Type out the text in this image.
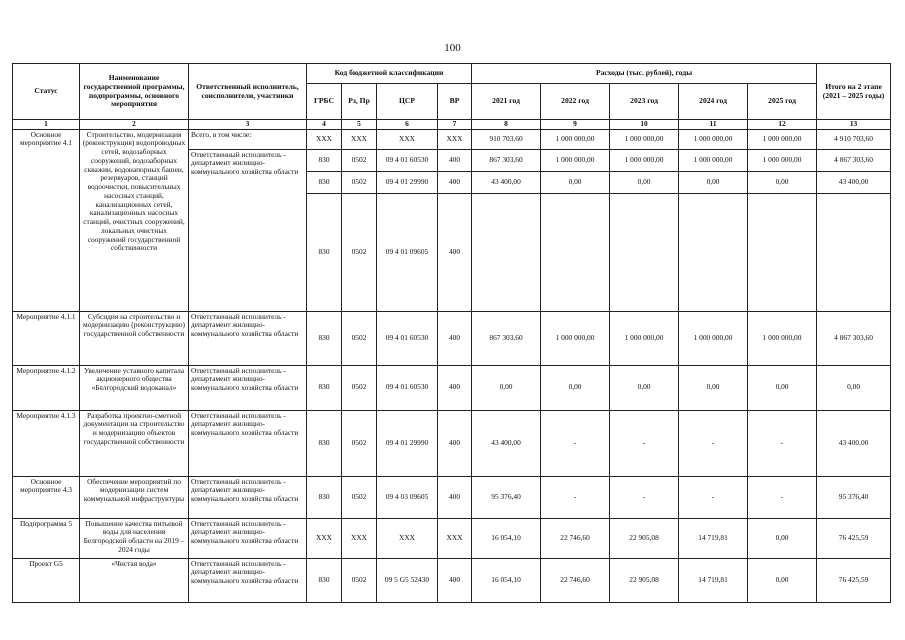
100
Статус	Наименование государственной программы, подпрограммы, основного мероприятия	Ответственный исполнитель, соисполнители, участники	Код бюджетной классификации				Расходы (тыс. рублей), годы					Итого на 2 этапе (2021 – 2025 годы)
			ГРБС	Рз, Пр	ЦСР	ВР	2021 год	2022 год	2023 год	2024 год	2025 год	
1	2	3	4	5	6	7	8	9	10	11	12	13
Основное мероприятие 4.1	Строительство, модернизация (реконструкция) водопроводных сетей, водозаборных сооружений, водозаборных скважин, водонапорных башен, резервуаров, станций водоочистки, повысительных насосных станций, канализационных сетей, канализационных насосных станций, очистных сооружений, локальных очистных сооружений государственной собственности	Всего, в том числе:	XXX	XXX	XXX	XXX	910 703,60	1 000 000,00	1 000 000,00	1 000 000,00	1 000 000,00	4 910 703,60
		Ответственный исполнитель - департамент жилищно-коммунального хозяйства области	830	0502	09 4 01 60530	400	867 303,60	1 000 000,00	1 000 000,00	1 000 000,00	1 000 000,00	4 867 303,60
			830	0502	09 4 01 29990	400	43 400,00	0,00	0,00	0,00	0,00	43 400,00
			830	0502	09 4 01 09605	400						
Мероприятие 4.1.1	Субсидия на строительство и модернизацию (реконструкцию) государственной собственности	Ответственный исполнитель - департамент жилищно-коммунального хозяйства области	830	0502	09 4 01 60530	400	867 303,60	1 000 000,00	1 000 000,00	1 000 000,00	1 000 000,00	4 867 303,60
Мероприятие 4.1.2	Увеличение уставного капитала акционерного общества «Белгородский водоканал»	Ответственный исполнитель - департамент жилищно-коммунального хозяйства области	830	0502	09 4 01 60530	400	0,00	0,00	0,00	0,00	0,00	0,00
Мероприятие 4.1.3	Разработка проектно-сметной документации на строительство и модернизацию объектов государственной собственности	Ответственный исполнитель - департамент жилищно-коммунального хозяйства области	830	0502	09 4 01 29990	400	43 400,00	-	-	-	-	43 400,00
Основное мероприятие 4.3	Обеспечение мероприятий по модернизации систем коммунальной инфраструктуры	Ответственный исполнитель - департамент жилищно-коммунального хозяйства области	830	0502	09 4 03 09605	400	95 376,40	-	-	-	-	95 376,40
Подпрограмма 5	Повышение качества питьевой воды для населения Белгородской области на 2019 – 2024 годы	Ответственный исполнитель - департамент жилищно-коммунального хозяйства области	XXX	XXX	XXX	XXX	16 054,10	22 746,60	22 905,08	14 719,81	0,00	76 425,59
Проект G5	«Чистая вода»	Ответственный исполнитель - департамент жилищно-коммунального хозяйства области	830	0502	09 5 G5 52430	400	16 054,10	22 746,60	22 905,08	14 719,81	0,00	76 425,59
